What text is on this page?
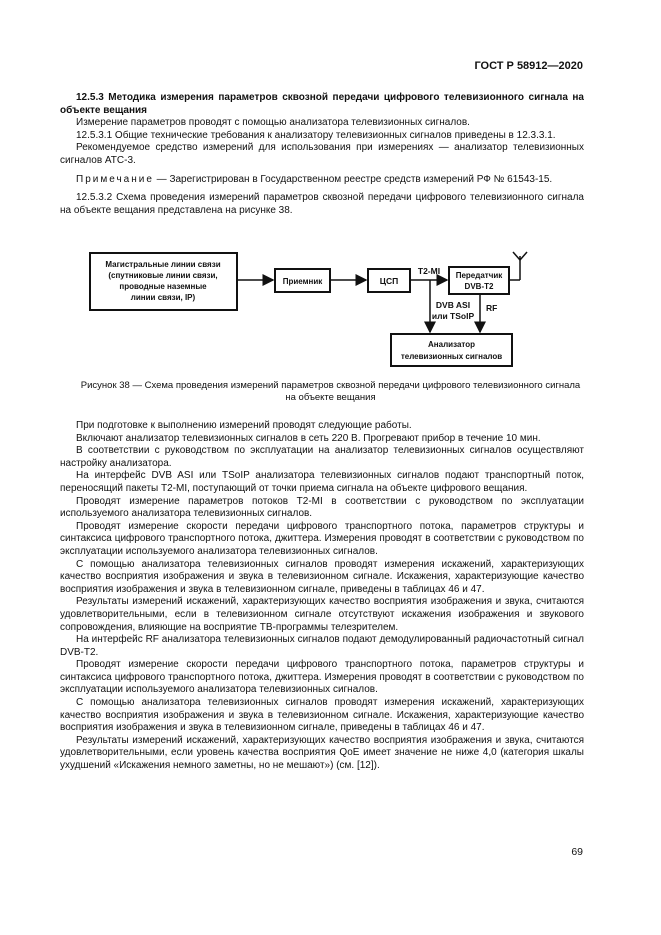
ГОСТ Р 58912—2020

12.5.3 Методика измерения параметров сквозной передачи цифрового телевизионного сигнала на объекте вещания

Измерение параметров проводят с помощью анализатора телевизионных сигналов.

12.5.3.1 Общие технические требования к анализатору телевизионных сигналов приведены в 12.3.3.1.

Рекомендуемое средство измерений для использования при измерениях — анализатор телевизионных сигналов АТС-3.

Примечание — Зарегистрирован в Государственном реестре средств измерений РФ № 61543-15.

12.5.3.2 Схема проведения измерений параметров сквозной передачи цифрового телевизионного сигнала на объекте вещания представлена на рисунке 38.

Магистральные линии связи
(спутниковые линии связи,
проводные наземные
линии связи, IP)
Приемник	ЦСП
T2-MI Передатчик
DVB-T2
DVB ASI
или TSoIP
RF
Анализатор
телевизионных сигналов
Рисунок 38 — Схема проведения измерений параметров сквозной передачи цифрового телевизионного сигнала
на объекте вещания

При подготовке к выполнению измерений проводят следующие работы.

Включают анализатор телевизионных сигналов в сеть 220 В. Прогревают прибор в течение 10 мин.

В соответствии с руководством по эксплуатации на анализатор телевизионных сигналов осуществляют настройку анализатора.

На интерфейс DVB ASI или TSoIP анализатора телевизионных сигналов подают транспортный поток, переносящий пакеты T2-MI, поступающий от точки приема сигнала на объекте цифрового вещания.

Проводят измерение параметров потоков T2-MI в соответствии с руководством по эксплуатации используемого анализатора телевизионных сигналов.

Проводят измерение скорости передачи цифрового транспортного потока, параметров структуры и синтаксиса цифрового транспортного потока, джиттера. Измерения проводят в соответствии с руководством по эксплуатации используемого анализатора телевизионных сигналов.

С помощью анализатора телевизионных сигналов проводят измерения искажений, характеризующих качество восприятия изображения и звука в телевизионном сигнале. Искажения, характеризующие качество восприятия изображения и звука в телевизионном сигнале, приведены в таблицах 46 и 47.

Результаты измерений искажений, характеризующих качество восприятия изображения и звука, считаются удовлетворительными, если в телевизионном сигнале отсутствуют искажения изображения и звукового сопровождения, влияющие на восприятие ТВ-программы телезрителем.

На интерфейс RF анализатора телевизионных сигналов подают демодулированный радиочастотный сигнал DVB-T2.

Проводят измерение скорости передачи цифрового транспортного потока, параметров структуры и синтаксиса цифрового транспортного потока, джиттера. Измерения проводят в соответствии с руководством по эксплуатации используемого анализатора телевизионных сигналов.

С помощью анализатора телевизионных сигналов проводят измерения искажений, характеризующих качество восприятия изображения и звука в телевизионном сигнале. Искажения, характеризующие качество восприятия изображения и звука в телевизионном сигнале, приведены в таблицах 46 и 47.

Результаты измерений искажений, характеризующих качество восприятия изображения и звука, считаются удовлетворительными, если уровень качества восприятия QoE имеет значение не ниже 4,0 (категория шкалы ухудшений «Искажения немного заметны, но не мешают») (см. [12]).

69
